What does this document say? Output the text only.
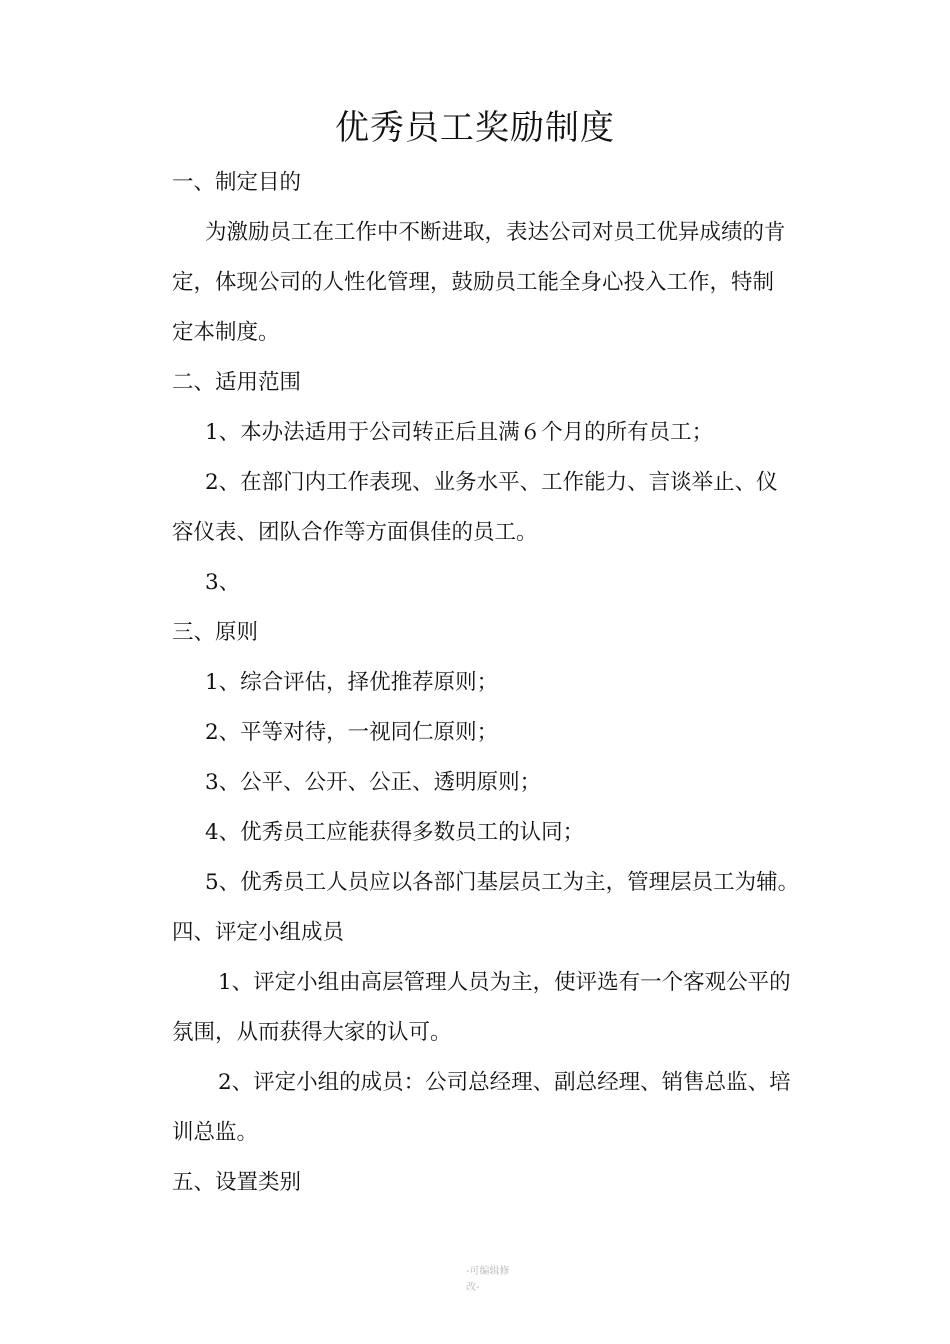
优秀员工奖励制度

一、制定目的

为激励员工在工作中不断进取，表达公司对员工优异成绩的肯

定，体现公司的人性化管理，鼓励员工能全身心投入工作，特制

定本制度。

二、适用范围

1、本办法适用于公司转正后且满６个月的所有员工；

2、在部门内工作表现、业务水平、工作能力、言谈举止、仪

容仪表、团队合作等方面俱佳的员工。

3、

三、原则

1、综合评估，择优推荐原则；

2、平等对待，一视同仁原则；

3、公平、公开、公正、透明原则；

4、优秀员工应能获得多数员工的认同；

5、优秀员工人员应以各部门基层员工为主，管理层员工为辅。

四、评定小组成员

1、评定小组由高层管理人员为主，使评选有一个客观公平的

氛围，从而获得大家的认可。

2、评定小组的成员：公司总经理、副总经理、销售总监、培

训总监。

五、设置类别

-可编辑修
改-
